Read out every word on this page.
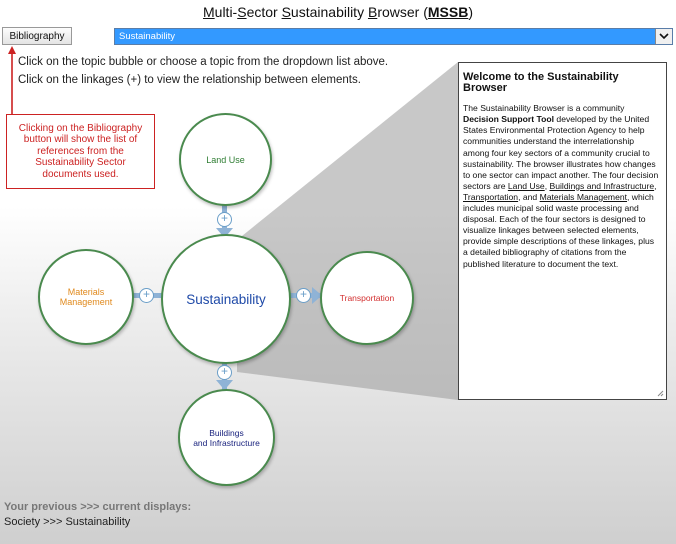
Multi-Sector Sustainability Browser (MSSB)
Bibliography	Sustainability
Click on the topic bubble or choose a topic from the dropdown list above.
Click on the linkages (+) to view the relationship between elements.
Clicking on the Bibliography button will show the list of references from the Sustainability Sector documents used.
Land Use
Materials
Management	Sustainability	Transportation
Buildings
and Infrastructure
+
+
+	+
Welcome to the Sustainability Browser
The Sustainability Browser is a community Decision Support Tool developed by the United States Environmental Protection Agency to help communities understand the interrelationship among four key sectors of a community crucial to sustainability. The browser illustrates how changes to one sector can impact another. The four decision sectors are Land Use, Buildings and Infrastructure, Transportation, and Materials Management, which includes municipal solid waste processing and disposal. Each of the four sectors is designed to visualize linkages between selected elements, provide simple descriptions of these linkages, plus a detailed bibliography of citations from the published literature to document the text.
Your previous >>> current displays:
Society >>> Sustainability
